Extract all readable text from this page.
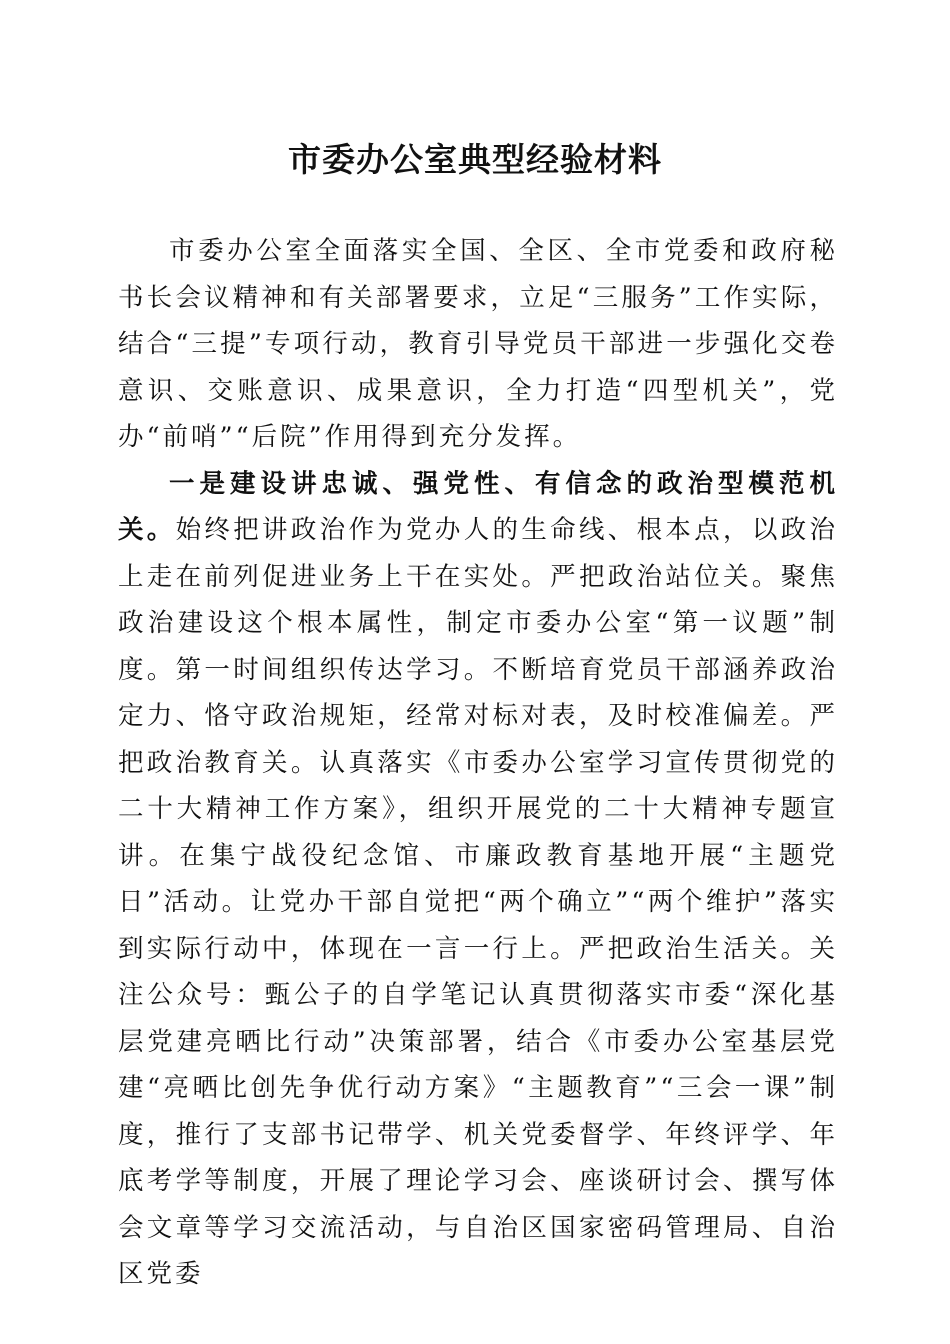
市委办公室典型经验材料

市委办公室全面落实全国、全区、全市党委和政府秘书长会议精神和有关部署要求，立足“三服务”工作实际，结合“三提”专项行动，教育引导党员干部进一步强化交卷意识、交账意识、成果意识，全力打造“四型机关”，党办“前哨”“后院”作用得到充分发挥。

一是建设讲忠诚、强党性、有信念的政治型模范机关。始终把讲政治作为党办人的生命线、根本点，以政治上走在前列促进业务上干在实处。严把政治站位关。聚焦政治建设这个根本属性，制定市委办公室“第一议题”制度。第一时间组织传达学习。不断培育党员干部涵养政治定力、恪守政治规矩，经常对标对表，及时校准偏差。严把政治教育关。认真落实《市委办公室学习宣传贯彻党的二十大精神工作方案》，组织开展党的二十大精神专题宣讲。在集宁战役纪念馆、市廉政教育基地开展“主题党日”活动。让党办干部自觉把“两个确立”“两个维护”落实到实际行动中，体现在一言一行上。严把政治生活关。关注公众号：甄公子的自学笔记认真贯彻落实市委“深化基层党建亮晒比行动”决策部署，结合《市委办公室基层党建“亮晒比创先争优行动方案》“主题教育”“三会一课”制度，推行了支部书记带学、机关党委督学、年终评学、年底考学等制度，开展了理论学习会、座谈研讨会、撰写体会文章等学习交流活动，与自治区国家密码管理局、自治区党委
